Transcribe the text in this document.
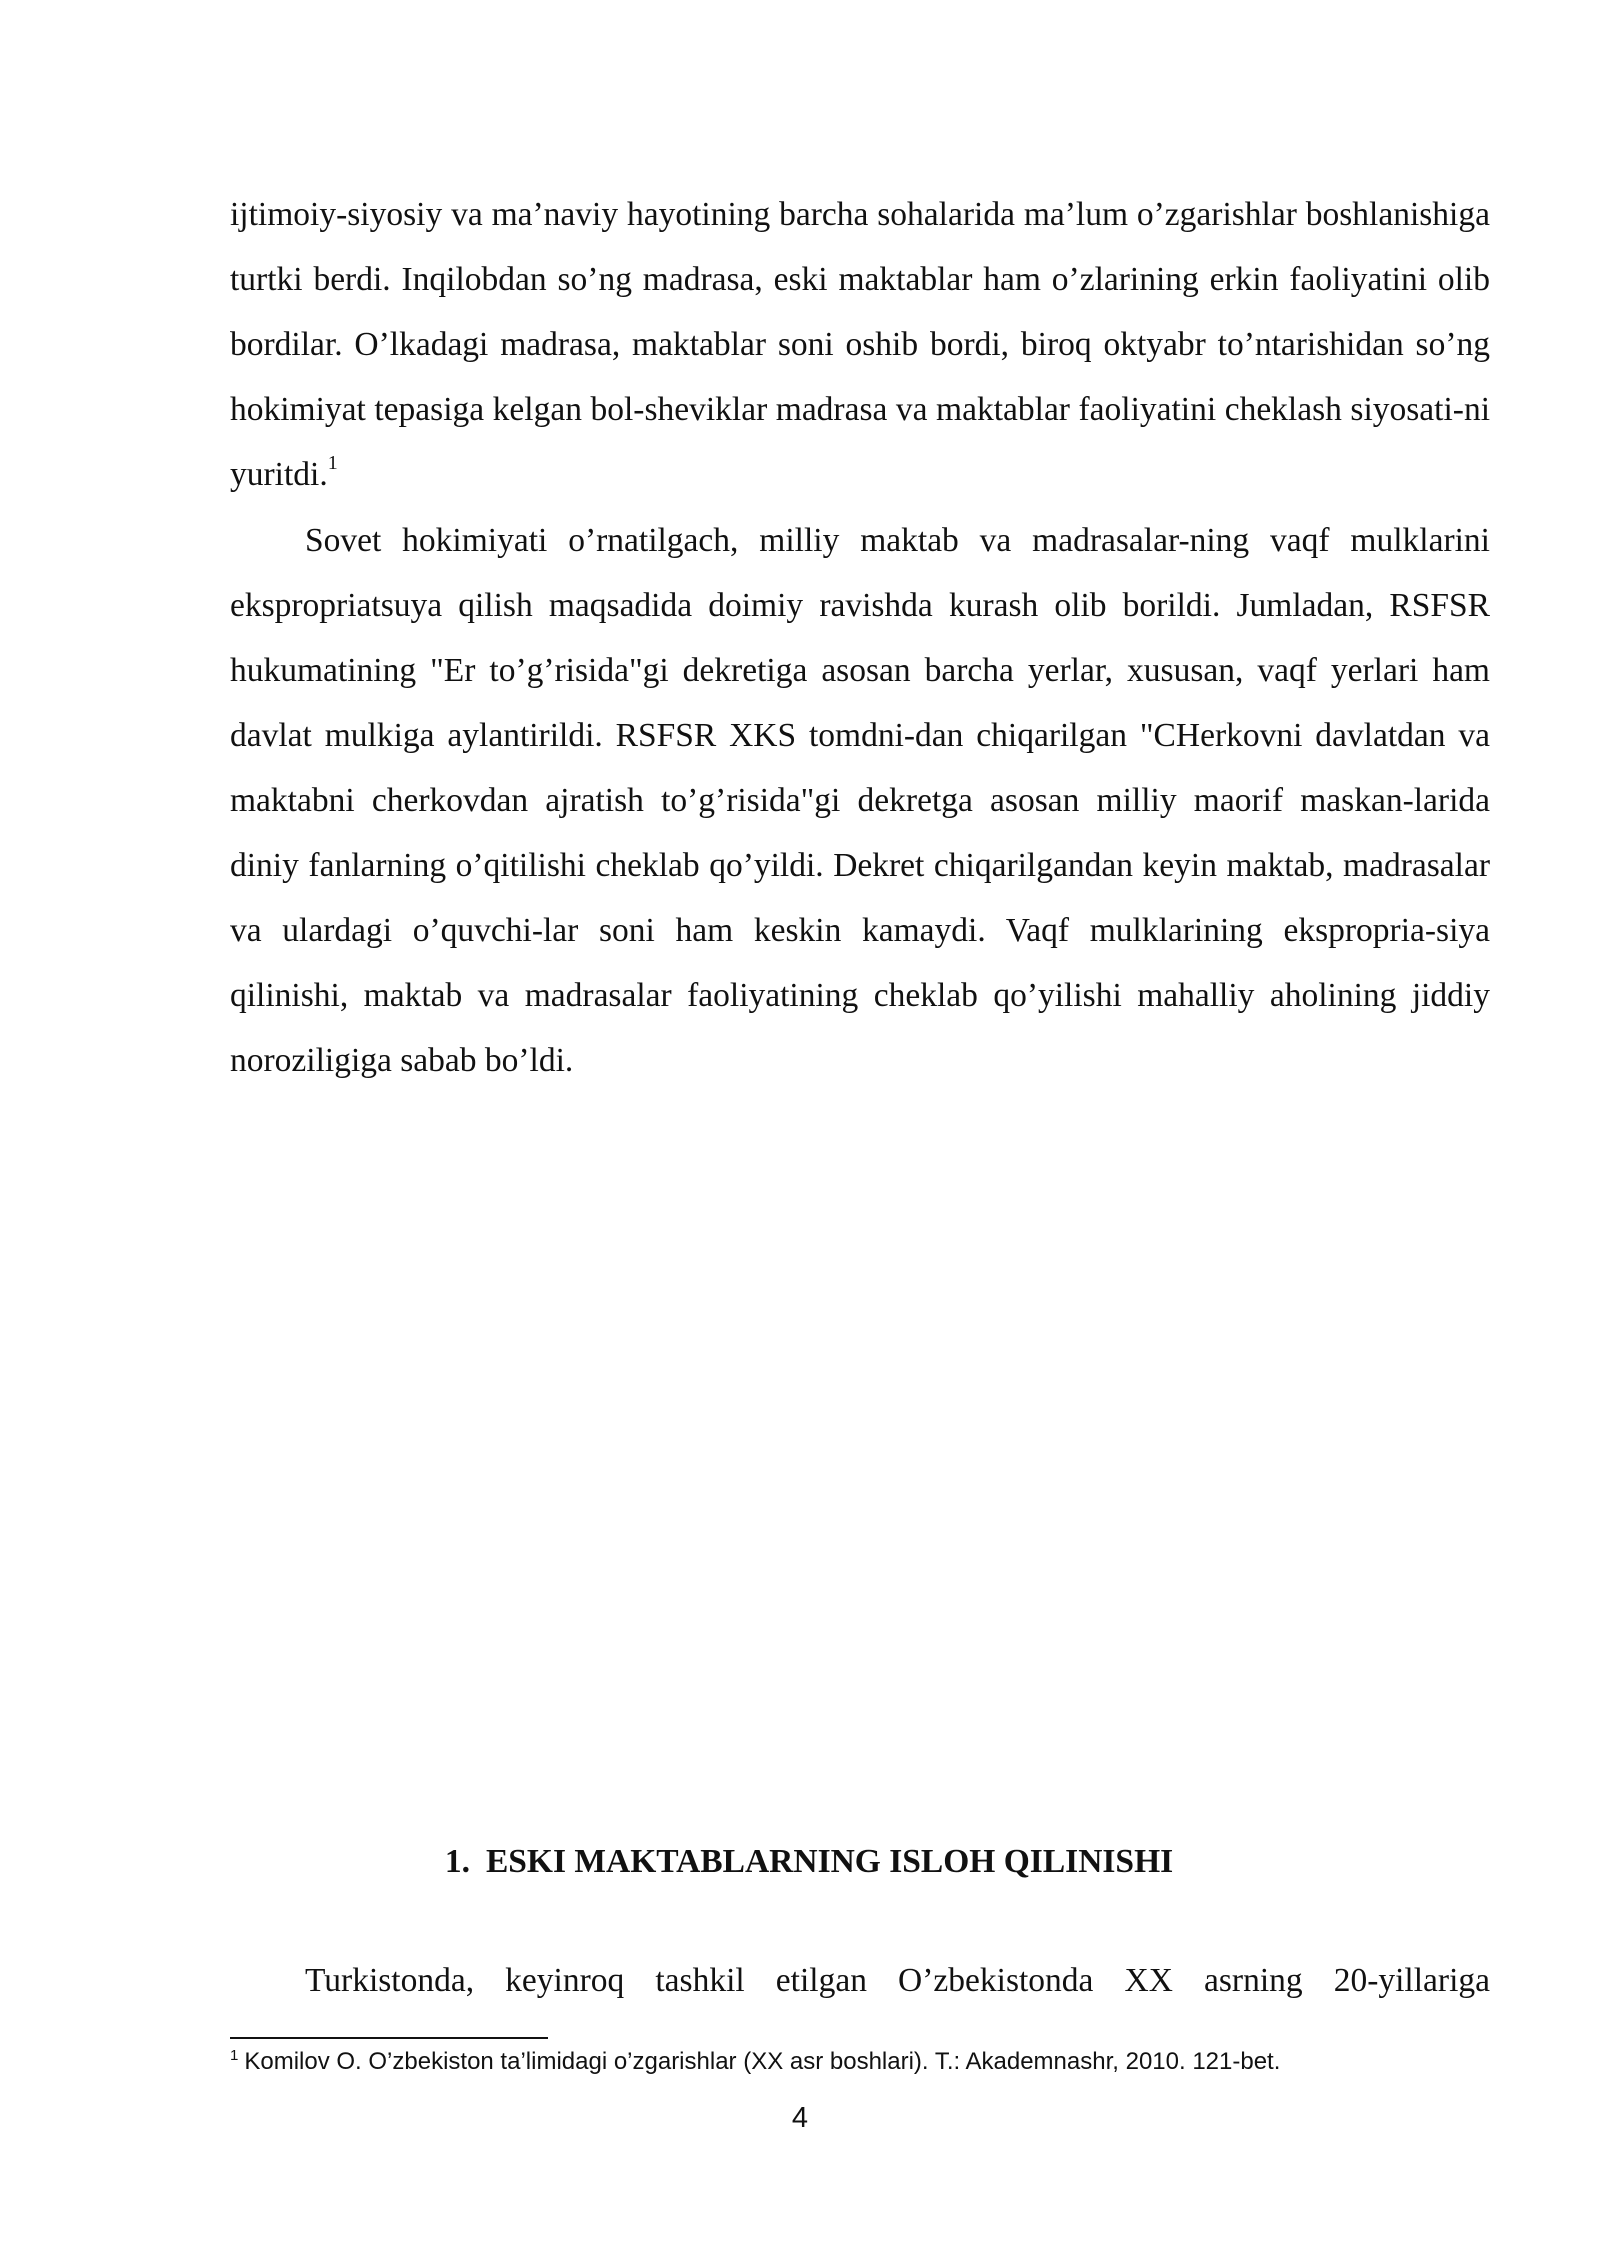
ijtimoiy-siyosiy va ma’naviy hayotining barcha sohalarida ma’lum o’zgarishlar boshlanishiga turtki berdi. Inqilobdan so’ng madrasa, eski maktablar ham o’zlarining erkin faoliyatini olib bordilar. O’lkadagi madrasa, maktablar soni oshib bordi, biroq oktyabr to’ntarishidan so’ng hokimiyat tepasiga kelgan bol-sheviklar madrasa va maktablar faoliyatini cheklash siyosati-ni yuritdi.$^1$

Sovet hokimiyati o’rnatilgach, milliy maktab va madrasalar-ning vaqf mulklarini ekspropriatsuya qilish maqsadida doimiy ravishda kurash olib borildi. Jumladan, RSFSR hukumatining "Er to’g’risida"gi dekretiga asosan barcha yerlar, xususan, vaqf yerlari ham davlat mulkiga aylantirildi. RSFSR XKS tomdni-dan chiqarilgan "CHerkovni davlatdan va maktabni cherkovdan ajratish to’g’risida"gi dekretga asosan milliy maorif maskan-larida diniy fanlarning o’qitilishi cheklab qo’yildi. Dekret chiqarilgandan keyin maktab, madrasalar va ulardagi o’quvchi-lar soni ham keskin kamaydi. Vaqf mulklarining ekspropria-siya qilinishi, maktab va madrasalar faoliyatining cheklab qo’yilishi mahalliy aholining jiddiy noroziligiga sabab bo’ldi.

1. ESKI MAKTABLARNING ISLOH QILINISHI

Turkistonda, keyinroq tashkil etilgan O’zbekistonda XX asrning 20-yillariga

$^1$ Komilov O. O’zbekiston ta’limidagi o’zgarishlar (XX asr boshlari). T.: Akademnashr, 2010. 121-bet.

4
